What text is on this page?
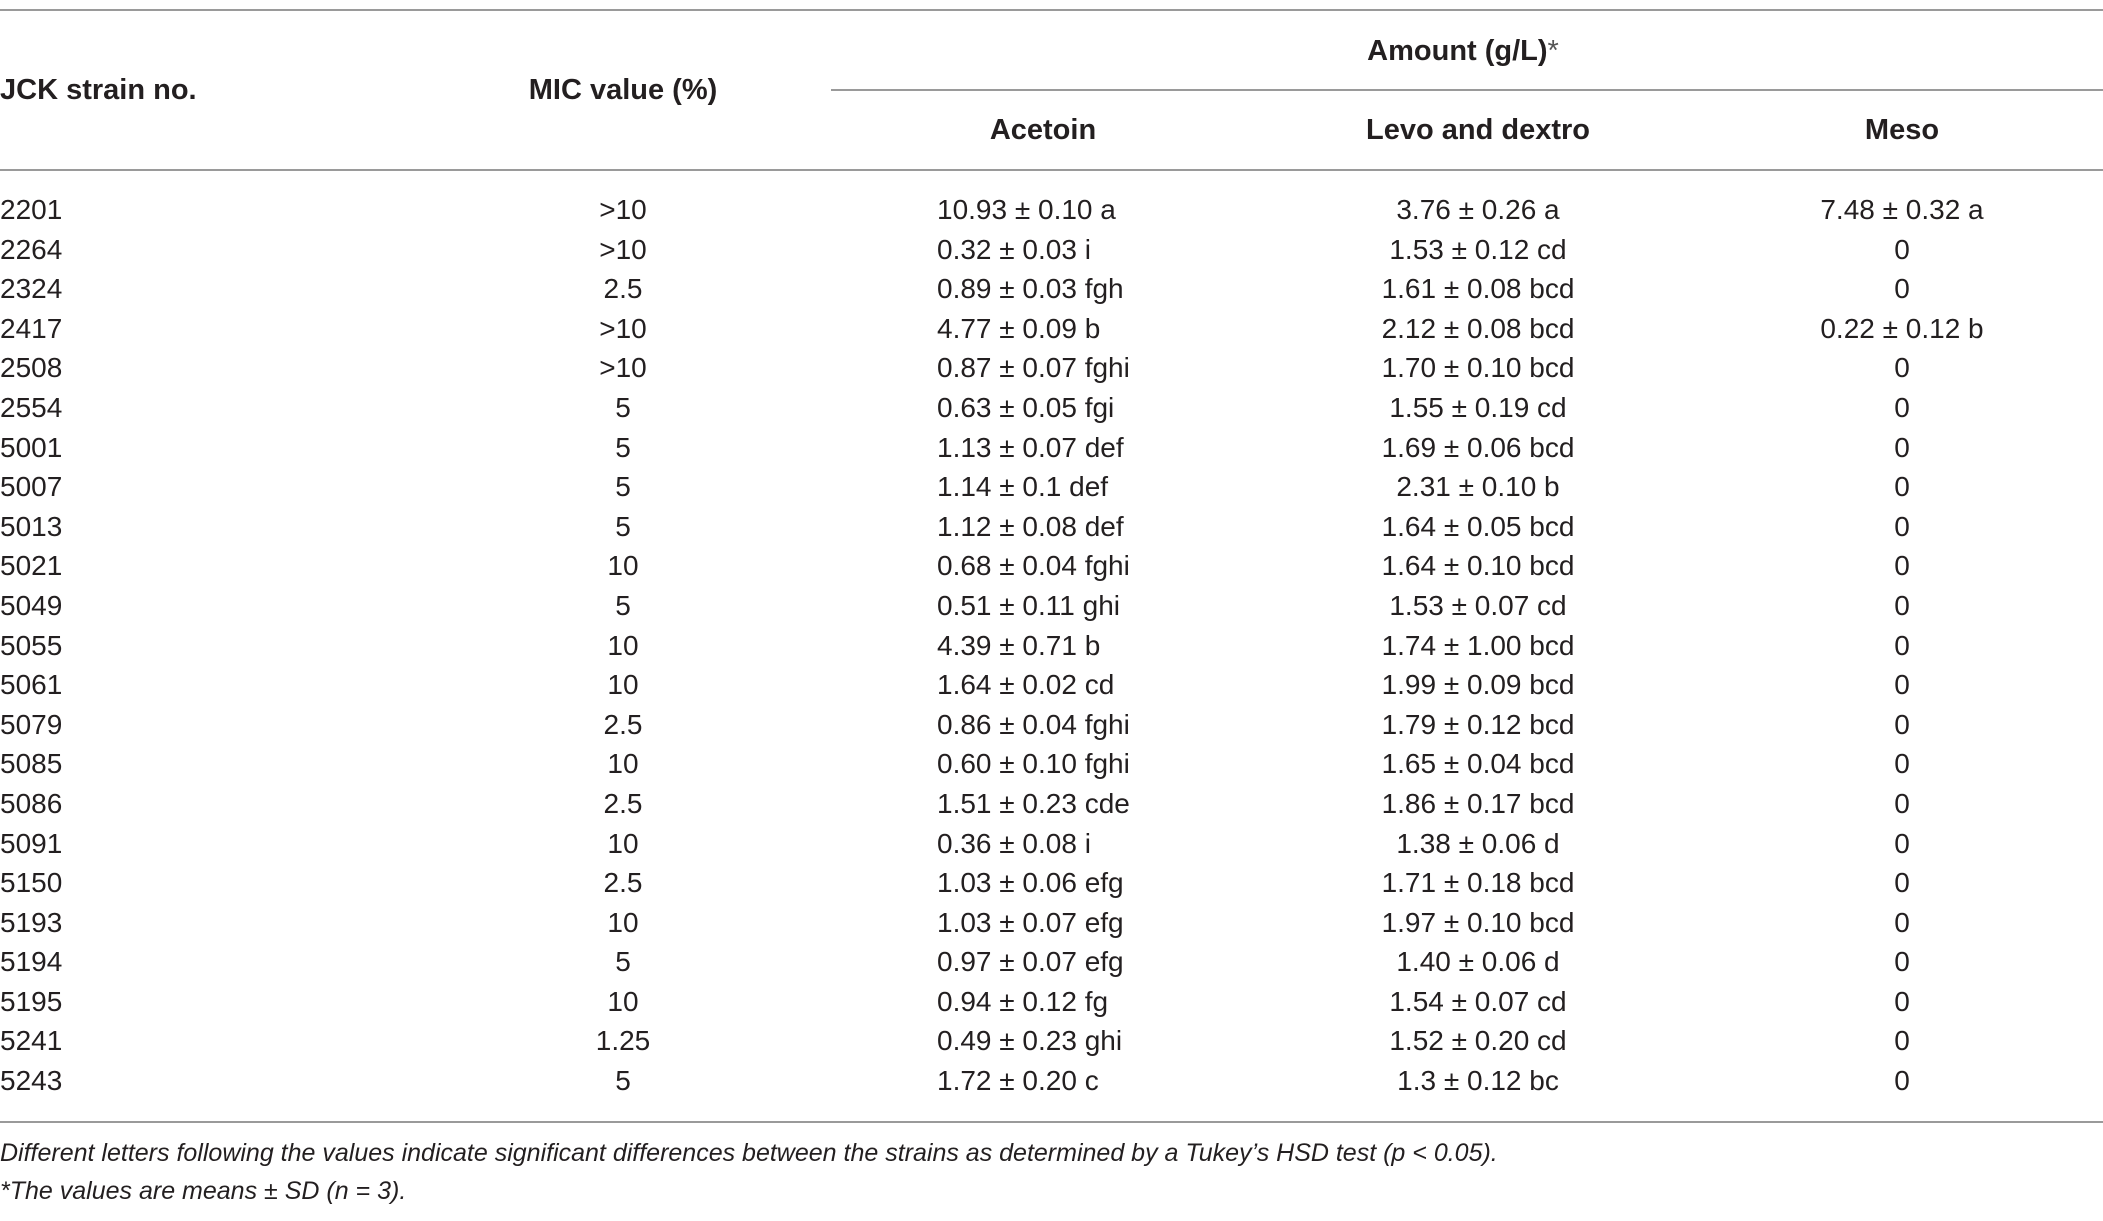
JCK strain no.	MIC value (%)
Amount (g/L)*
Acetoin	Levo and dextro	Meso
2201	>10	10.93 ± 0.10 a	3.76 ± 0.26 a	7.48 ± 0.32 a
2264	>10	0.32 ± 0.03 i	1.53 ± 0.12 cd	0
2324	2.5	0.89 ± 0.03 fgh	1.61 ± 0.08 bcd	0
2417	>10	4.77 ± 0.09 b	2.12 ± 0.08 bcd	0.22 ± 0.12 b
2508	>10	0.87 ± 0.07 fghi	1.70 ± 0.10 bcd	0
2554	5	0.63 ± 0.05 fgi	1.55 ± 0.19 cd	0
5001	5	1.13 ± 0.07 def	1.69 ± 0.06 bcd	0
5007	5	1.14 ± 0.1 def	2.31 ± 0.10 b	0
5013	5	1.12 ± 0.08 def	1.64 ± 0.05 bcd	0
5021	10	0.68 ± 0.04 fghi	1.64 ± 0.10 bcd	0
5049	5	0.51 ± 0.11 ghi	1.53 ± 0.07 cd	0
5055	10	4.39 ± 0.71 b	1.74 ± 1.00 bcd	0
5061	10	1.64 ± 0.02 cd	1.99 ± 0.09 bcd	0
5079	2.5	0.86 ± 0.04 fghi	1.79 ± 0.12 bcd	0
5085	10	0.60 ± 0.10 fghi	1.65 ± 0.04 bcd	0
5086	2.5	1.51 ± 0.23 cde	1.86 ± 0.17 bcd	0
5091	10	0.36 ± 0.08 i	1.38 ± 0.06 d	0
5150	2.5	1.03 ± 0.06 efg	1.71 ± 0.18 bcd	0
5193	10	1.03 ± 0.07 efg	1.97 ± 0.10 bcd	0
5194	5	0.97 ± 0.07 efg	1.40 ± 0.06 d	0
5195	10	0.94 ± 0.12 fg	1.54 ± 0.07 cd	0
5241	1.25	0.49 ± 0.23 ghi	1.52 ± 0.20 cd	0
5243	5	1.72 ± 0.20 c	1.3 ± 0.12 bc	0
Different letters following the values indicate significant differences between the strains as determined by a Tukey’s HSD test (p < 0.05).
*The values are means ± SD (n = 3).
